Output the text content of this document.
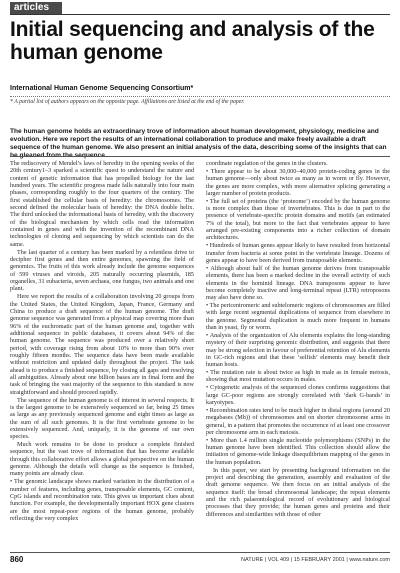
articles
Initial sequencing and analysis of the human genome
International Human Genome Sequencing Consortium*
* A partial list of authors appears on the opposite page. Affiliations are listed at the end of the paper.

The human genome holds an extraordinary trove of information about human development, physiology, medicine and evolution. Here we report the results of an international collaboration to produce and make freely available a draft sequence of the human genome. We also present an initial analysis of the data, describing some of the insights that can be gleaned from the sequence.

The rediscovery of Mendel’s laws of heredity in the opening weeks of the 20th century1–3 sparked a scientific quest to understand the nature and content of genetic information that has propelled biology for the last hundred years. The scientific progress made falls naturally into four main phases, corresponding roughly to the four quarters of the century. The first established the cellular basis of heredity: the chromosomes. The second defined the molecular basis of heredity: the DNA double helix. The third unlocked the informational basis of heredity, with the discovery of the biological mechanism by which cells read the information contained in genes and with the invention of the recombinant DNA technologies of cloning and sequencing by which scientists can do the same.

The last quarter of a century has been marked by a relentless drive to decipher first genes and then entire genomes, spawning the field of genomics. The fruits of this work already include the genome sequences of 599 viruses and viroids, 205 naturally occurring plasmids, 185 organelles, 31 eubacteria, seven archaea, one fungus, two animals and one plant.

Here we report the results of a collaboration involving 20 groups from the United States, the United Kingdom, Japan, France, Germany and China to produce a draft sequence of the human genome. The draft genome sequence was generated from a physical map covering more than 96% of the euchromatic part of the human genome and, together with additional sequence in public databases, it covers about 94% of the human genome. The sequence was produced over a relatively short period, with coverage rising from about 10% to more than 90% over roughly fifteen months. The sequence data have been made available without restriction and updated daily throughout the project. The task ahead is to produce a finished sequence, by closing all gaps and resolving all ambiguities. Already about one billion bases are in final form and the task of bringing the vast majority of the sequence to this standard is now straightforward and should proceed rapidly.

The sequence of the human genome is of interest in several respects. It is the largest genome to be extensively sequenced so far, being 25 times as large as any previously sequenced genome and eight times as large as the sum of all such genomes. It is the first vertebrate genome to be extensively sequenced. And, uniquely, it is the genome of our own species.

Much work remains to be done to produce a complete finished sequence, but the vast trove of information that has become available through this collaborative effort allows a global perspective on the human genome. Although the details will change as the sequence is finished, many points are already clear.

• The genomic landscape shows marked variation in the distribution of a number of features, including genes, transposable elements, GC content, CpG islands and recombination rate. This gives us important clues about function. For example, the developmentally important HOX gene clusters are the most repeat-poor regions of the human genome, probably reflecting the very complex

coordinate regulation of the genes in the clusters.

• There appear to be about 30,000–40,000 protein-coding genes in the human genome—only about twice as many as in worm or fly. However, the genes are more complex, with more alternative splicing generating a larger number of protein products.

• The full set of proteins (the ‘proteome’) encoded by the human genome is more complex than those of invertebrates. This is due in part to the presence of vertebrate-specific protein domains and motifs (an estimated 7% of the total), but more to the fact that vertebrates appear to have arranged pre-existing components into a richer collection of domain architectures.

• Hundreds of human genes appear likely to have resulted from horizontal transfer from bacteria at some point in the vertebrate lineage. Dozens of genes appear to have been derived from transposable elements.

• Although about half of the human genome derives from transposable elements, there has been a marked decline in the overall activity of such elements in the hominid lineage. DNA transposons appear to have become completely inactive and long-terminal repeat (LTR) retroposons may also have done so.

• The pericentromeric and subtelomeric regions of chromosomes are filled with large recent segmental duplications of sequence from elsewhere in the genome. Segmental duplication is much more frequent in humans than in yeast, fly or worm.

• Analysis of the organization of Alu elements explains the long-standing mystery of their surprising genomic distribution, and suggests that there may be strong selection in favour of preferential retention of Alu elements in GC-rich regions and that these ‘selfish’ elements may benefit their human hosts.

• The mutation rate is about twice as high in male as in female meiosis, showing that most mutation occurs in males.

• Cytogenetic analysis of the sequenced clones confirms suggestions that large GC-poor regions are strongly correlated with ‘dark G-bands’ in karyotypes.

• Recombination rates tend to be much higher in distal regions (around 20 megabases (Mb)) of chromosomes and on shorter chromosome arms in general, in a pattern that promotes the occurrence of at least one crossover per chromosome arm in each meiosis.

• More than 1.4 million single nucleotide polymorphisms (SNPs) in the human genome have been identified. This collection should allow the initiation of genome-wide linkage disequilibrium mapping of the genes in the human population.

In this paper, we start by presenting background information on the project and describing the generation, assembly and evaluation of the draft genome sequence. We then focus on an initial analysis of the sequence itself: the broad chromosomal landscape; the repeat elements and the rich palaeontological record of evolutionary and biological processes that they provide; the human genes and proteins and their differences and similarities with those of other

860	NATURE | VOL 409 | 15 FEBRUARY 2001 | www.nature.com
